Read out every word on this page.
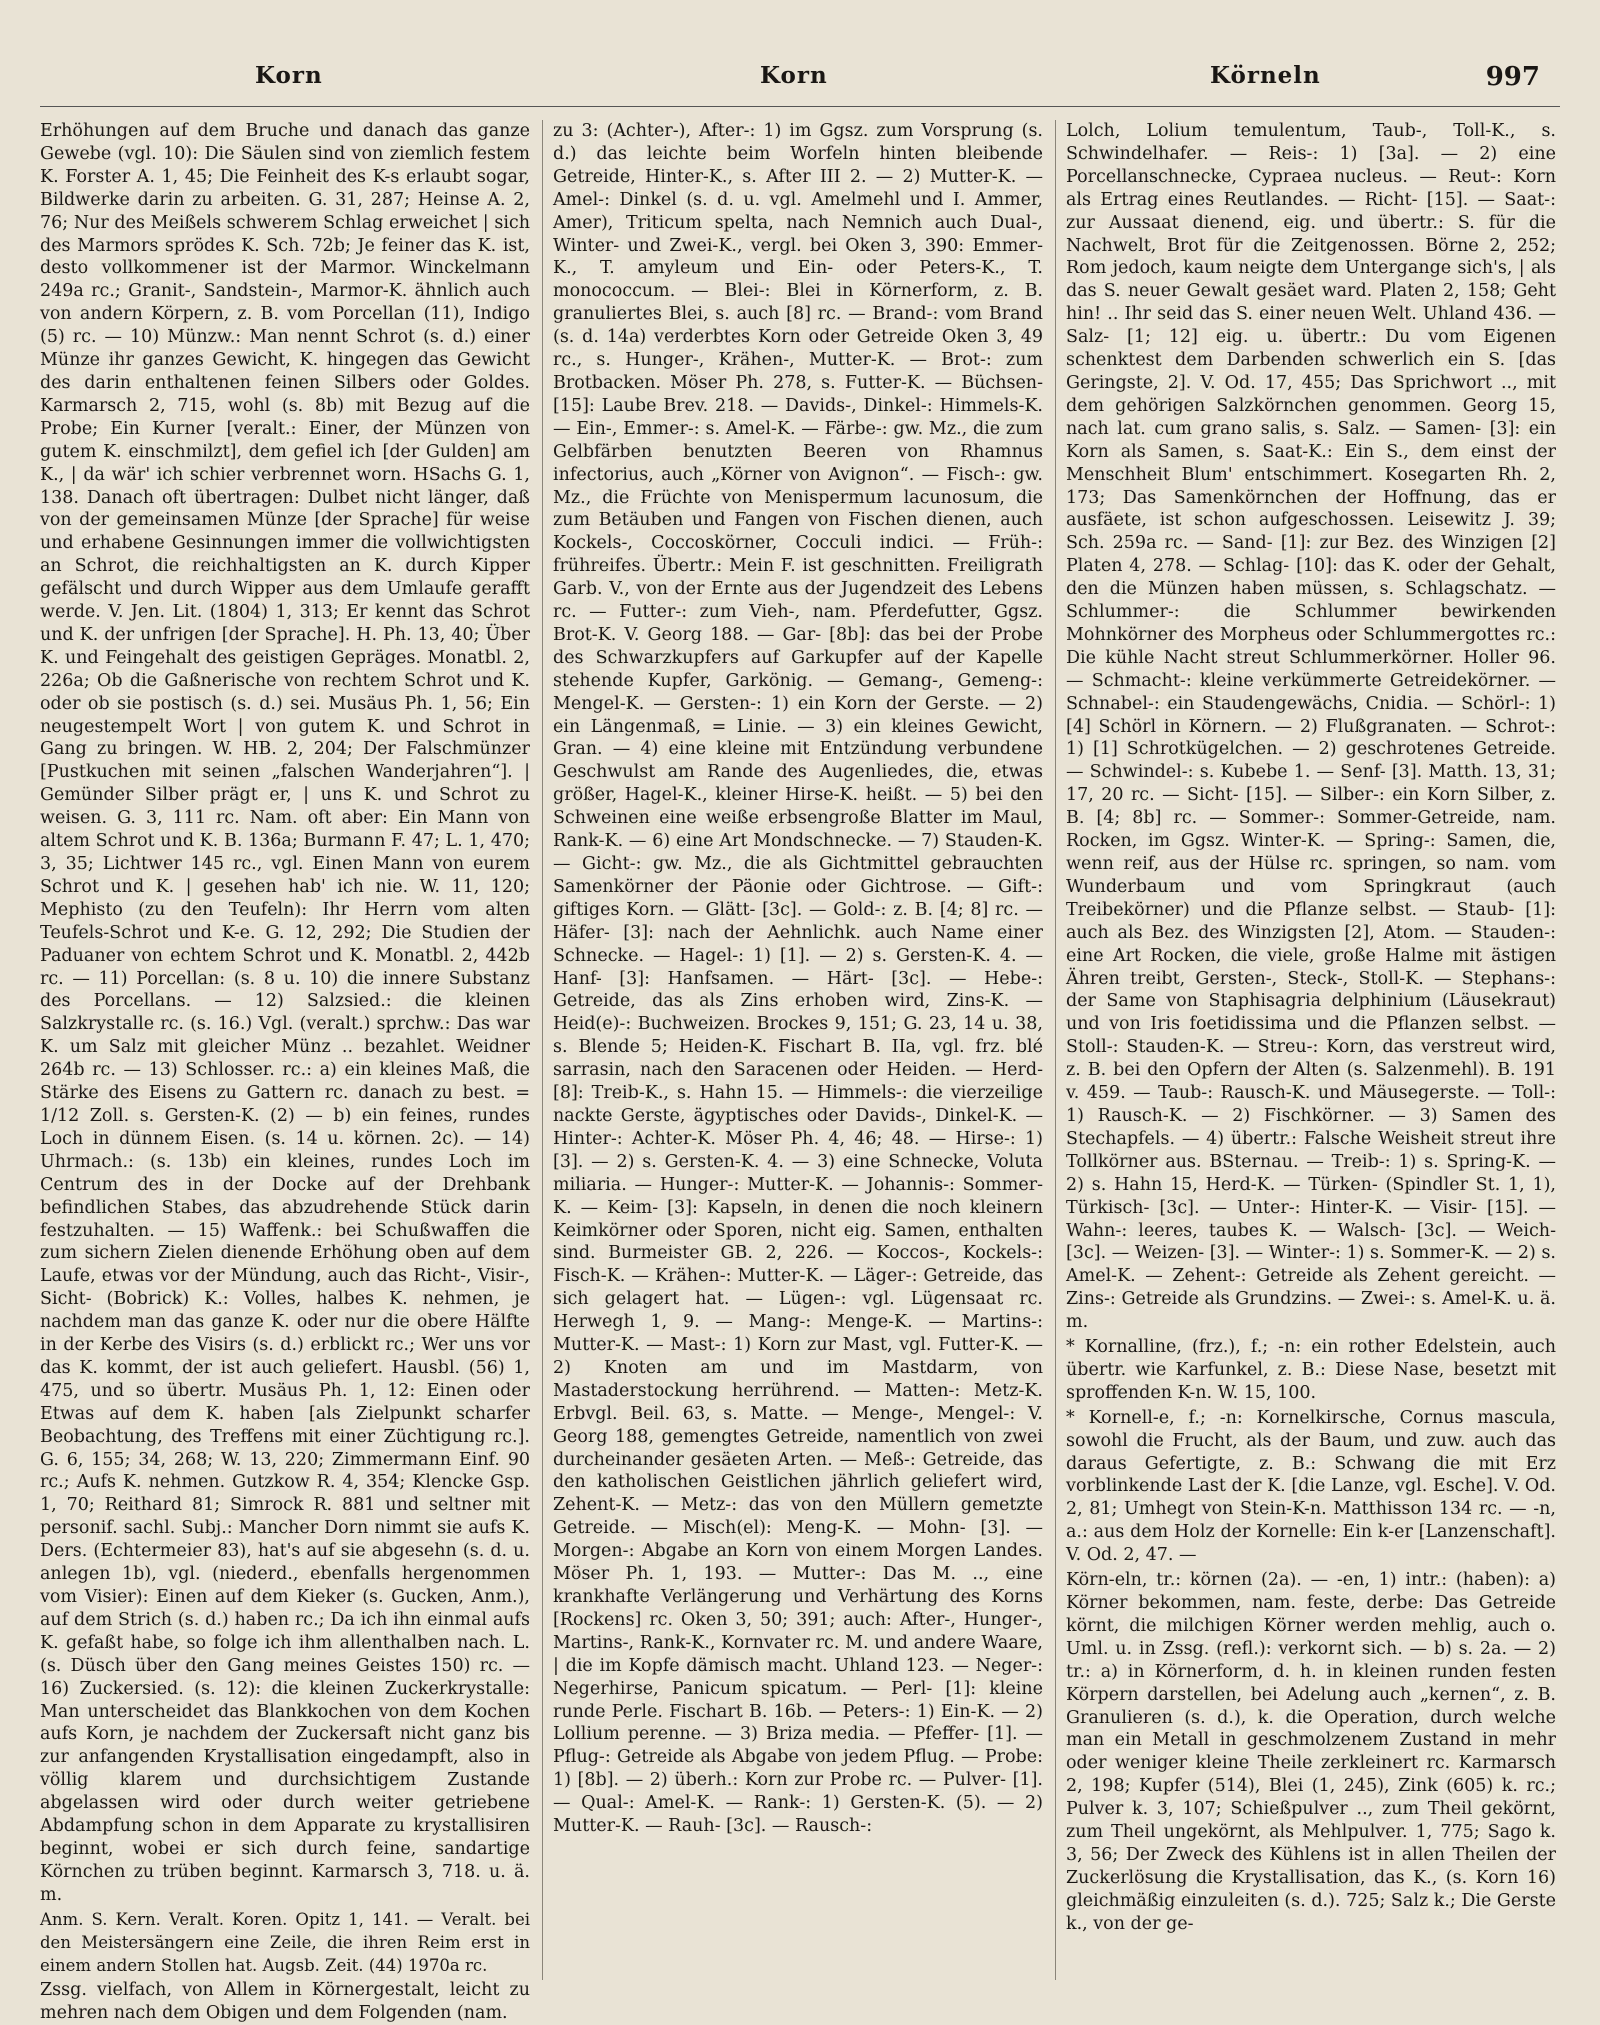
Korn	Korn	Körneln	997

Erhöhungen auf dem Bruche und danach das ganze Gewebe (vgl. 10): Die Säulen sind von ziemlich festem K. Forster A. 1, 45; Die Feinheit des K-s erlaubt sogar, Bildwerke darin zu arbeiten. G. 31, 287; Heinse A. 2, 76; Nur des Meißels schwerem Schlag erweichet | sich des Marmors sprödes K. Sch. 72b; Je feiner das K. ist, desto vollkommener ist der Marmor. Winckelmann 249a rc.; Granit-, Sandstein-, Marmor-K. ähnlich auch von andern Körpern, z. B. vom Porcellan (11), Indigo (5) rc. — 10) Münzw.: Man nennt Schrot (s. d.) einer Münze ihr ganzes Gewicht, K. hingegen das Gewicht des darin enthaltenen feinen Silbers oder Goldes. Karmarsch 2, 715, wohl (s. 8b) mit Bezug auf die Probe; Ein Kurner [veralt.: Einer, der Münzen von gutem K. einschmilzt], dem gefiel ich [der Gulden] am K., | da wär' ich schier verbrennet worn. HSachs G. 1, 138. Danach oft übertragen: Dulbet nicht länger, daß von der gemeinsamen Münze [der Sprache] für weise und erhabene Gesinnungen immer die vollwichtigsten an Schrot, die reichhaltigsten an K. durch Kipper gefälscht und durch Wipper aus dem Umlaufe gerafft werde. V. Jen. Lit. (1804) 1, 313; Er kennt das Schrot und K. der unfrigen [der Sprache]. H. Ph. 13, 40; Über K. und Feingehalt des geistigen Gepräges. Monatbl. 2, 226a; Ob die Gaßnerische von rechtem Schrot und K. oder ob sie postisch (s. d.) sei. Musäus Ph. 1, 56; Ein neugestempelt Wort | von gutem K. und Schrot in Gang zu bringen. W. HB. 2, 204; Der Falschmünzer [Pustkuchen mit seinen „falschen Wanderjahren“]. | Gemünder Silber prägt er, | uns K. und Schrot zu weisen. G. 3, 111 rc. Nam. oft aber: Ein Mann von altem Schrot und K. B. 136a; Burmann F. 47; L. 1, 470; 3, 35; Lichtwer 145 rc., vgl. Einen Mann von eurem Schrot und K. | gesehen hab' ich nie. W. 11, 120; Mephisto (zu den Teufeln): Ihr Herrn vom alten Teufels-Schrot und K-e. G. 12, 292; Die Studien der Paduaner von echtem Schrot und K. Monatbl. 2, 442b rc. — 11) Porcellan: (s. 8 u. 10) die innere Substanz des Porcellans. — 12) Salzsied.: die kleinen Salzkrystalle rc. (s. 16.) Vgl. (veralt.) sprchw.: Das war K. um Salz mit gleicher Münz .. bezahlet. Weidner 264b rc. — 13) Schlosser. rc.: a) ein kleines Maß, die Stärke des Eisens zu Gattern rc. danach zu best. = 1/12 Zoll. s. Gersten-K. (2) — b) ein feines, rundes Loch in dünnem Eisen. (s. 14 u. körnen. 2c). — 14) Uhrmach.: (s. 13b) ein kleines, rundes Loch im Centrum des in der Docke auf der Drehbank befindlichen Stabes, das abzudrehende Stück darin festzuhalten. — 15) Waffenk.: bei Schußwaffen die zum sichern Zielen dienende Erhöhung oben auf dem Laufe, etwas vor der Mündung, auch das Richt-, Visir-, Sicht- (Bobrick) K.: Volles, halbes K. nehmen, je nachdem man das ganze K. oder nur die obere Hälfte in der Kerbe des Visirs (s. d.) erblickt rc.; Wer uns vor das K. kommt, der ist auch geliefert. Hausbl. (56) 1, 475, und so übertr. Musäus Ph. 1, 12: Einen oder Etwas auf dem K. haben [als Zielpunkt scharfer Beobachtung, des Treffens mit einer Züchtigung rc.]. G. 6, 155; 34, 268; W. 13, 220; Zimmermann Einf. 90 rc.; Aufs K. nehmen. Gutzkow R. 4, 354; Klencke Gsp. 1, 70; Reithard 81; Simrock R. 881 und seltner mit personif. sachl. Subj.: Mancher Dorn nimmt sie aufs K. Ders. (Echtermeier 83), hat's auf sie abgesehn (s. d. u. anlegen 1b), vgl. (niederd., ebenfalls hergenommen vom Visier): Einen auf dem Kieker (s. Gucken, Anm.), auf dem Strich (s. d.) haben rc.; Da ich ihn einmal aufs K. gefaßt habe, so folge ich ihm allenthalben nach. L. (s. Düsch über den Gang meines Geistes 150) rc. — 16) Zuckersied. (s. 12): die kleinen Zuckerkrystalle: Man unterscheidet das Blankkochen von dem Kochen aufs Korn, je nachdem der Zuckersaft nicht ganz bis zur anfangenden Krystallisation eingedampft, also in völlig klarem und durchsichtigem Zustande abgelassen wird oder durch weiter getriebene Abdampfung schon in dem Apparate zu krystallisiren beginnt, wobei er sich durch feine, sandartige Körnchen zu trüben beginnt. Karmarsch 3, 718. u. ä. m.

Anm. S. Kern. Veralt. Koren. Opitz 1, 141. — Veralt. bei den Meistersängern eine Zeile, die ihren Reim erst in einem andern Stollen hat. Augsb. Zeit. (44) 1970a rc.

Zssg. vielfach, von Allem in Körnergestalt, leicht zu mehren nach dem Obigen und dem Folgenden (nam.

zu 3: (Achter-), After-: 1) im Ggsz. zum Vorsprung (s. d.) das leichte beim Worfeln hinten bleibende Getreide, Hinter-K., s. After III 2. — 2) Mutter-K. — Amel-: Dinkel (s. d. u. vgl. Amelmehl und I. Ammer, Amer), Triticum spelta, nach Nemnich auch Dual-, Winter- und Zwei-K., vergl. bei Oken 3, 390: Emmer-K., T. amyleum und Ein- oder Peters-K., T. monococcum. — Blei-: Blei in Körnerform, z. B. granuliertes Blei, s. auch [8] rc. — Brand-: vom Brand (s. d. 14a) verderbtes Korn oder Getreide Oken 3, 49 rc., s. Hunger-, Krähen-, Mutter-K. — Brot-: zum Brotbacken. Möser Ph. 278, s. Futter-K. — Büchsen- [15]: Laube Brev. 218. — Davids-, Dinkel-: Himmels-K. — Ein-, Emmer-: s. Amel-K. — Färbe-: gw. Mz., die zum Gelbfärben benutzten Beeren von Rhamnus infectorius, auch „Körner von Avignon“. — Fisch-: gw. Mz., die Früchte von Menispermum lacunosum, die zum Betäuben und Fangen von Fischen dienen, auch Kockels-, Coccoskörner, Cocculi indici. — Früh-: frühreifes. Übertr.: Mein F. ist geschnitten. Freiligrath Garb. V., von der Ernte aus der Jugendzeit des Lebens rc. — Futter-: zum Vieh-, nam. Pferdefutter, Ggsz. Brot-K. V. Georg 188. — Gar- [8b]: das bei der Probe des Schwarzkupfers auf Garkupfer auf der Kapelle stehende Kupfer, Garkönig. — Gemang-, Gemeng-: Mengel-K. — Gersten-: 1) ein Korn der Gerste. — 2) ein Längenmaß, = Linie. — 3) ein kleines Gewicht, Gran. — 4) eine kleine mit Entzündung verbundene Geschwulst am Rande des Augenliedes, die, etwas größer, Hagel-K., kleiner Hirse-K. heißt. — 5) bei den Schweinen eine weiße erbsengroße Blatter im Maul, Rank-K. — 6) eine Art Mondschnecke. — 7) Stauden-K. — Gicht-: gw. Mz., die als Gichtmittel gebrauchten Samenkörner der Päonie oder Gichtrose. — Gift-: giftiges Korn. — Glätt- [3c]. — Gold-: z. B. [4; 8] rc. — Häfer- [3]: nach der Aehnlichk. auch Name einer Schnecke. — Hagel-: 1) [1]. — 2) s. Gersten-K. 4. — Hanf- [3]: Hanfsamen. — Härt- [3c]. — Hebe-: Getreide, das als Zins erhoben wird, Zins-K. — Heid(e)-: Buchweizen. Brockes 9, 151; G. 23, 14 u. 38, s. Blende 5; Heiden-K. Fischart B. IIa, vgl. frz. blé sarrasin, nach den Saracenen oder Heiden. — Herd- [8]: Treib-K., s. Hahn 15. — Himmels-: die vierzeilige nackte Gerste, ägyptisches oder Davids-, Dinkel-K. — Hinter-: Achter-K. Möser Ph. 4, 46; 48. — Hirse-: 1) [3]. — 2) s. Gersten-K. 4. — 3) eine Schnecke, Voluta miliaria. — Hunger-: Mutter-K. — Johannis-: Sommer-K. — Keim- [3]: Kapseln, in denen die noch kleinern Keimkörner oder Sporen, nicht eig. Samen, enthalten sind. Burmeister GB. 2, 226. — Koccos-, Kockels-: Fisch-K. — Krähen-: Mutter-K. — Läger-: Getreide, das sich gelagert hat. — Lügen-: vgl. Lügensaat rc. Herwegh 1, 9. — Mang-: Menge-K. — Martins-: Mutter-K. — Mast-: 1) Korn zur Mast, vgl. Futter-K. — 2) Knoten am und im Mastdarm, von Mastaderstockung herrührend. — Matten-: Metz-K. Erbvgl. Beil. 63, s. Matte. — Menge-, Mengel-: V. Georg 188, gemengtes Getreide, namentlich von zwei durcheinander gesäeten Arten. — Meß-: Getreide, das den katholischen Geistlichen jährlich geliefert wird, Zehent-K. — Metz-: das von den Müllern gemetzte Getreide. — Misch(el): Meng-K. — Mohn- [3]. — Morgen-: Abgabe an Korn von einem Morgen Landes. Möser Ph. 1, 193. — Mutter-: Das M. .., eine krankhafte Verlängerung und Verhärtung des Korns [Rockens] rc. Oken 3, 50; 391; auch: After-, Hunger-, Martins-, Rank-K., Kornvater rc. M. und andere Waare, | die im Kopfe dämisch macht. Uhland 123. — Neger-: Negerhirse, Panicum spicatum. — Perl- [1]: kleine runde Perle. Fischart B. 16b. — Peters-: 1) Ein-K. — 2) Lollium perenne. — 3) Briza media. — Pfeffer- [1]. — Pflug-: Getreide als Abgabe von jedem Pflug. — Probe: 1) [8b]. — 2) überh.: Korn zur Probe rc. — Pulver- [1]. — Qual-: Amel-K. — Rank-: 1) Gersten-K. (5). — 2) Mutter-K. — Rauh- [3c]. — Rausch-:

Lolch, Lolium temulentum, Taub-, Toll-K., s. Schwindelhafer. — Reis-: 1) [3a]. — 2) eine Porcellanschnecke, Cypraea nucleus. — Reut-: Korn als Ertrag eines Reutlandes. — Richt- [15]. — Saat-: zur Aussaat dienend, eig. und übertr.: S. für die Nachwelt, Brot für die Zeitgenossen. Börne 2, 252; Rom jedoch, kaum neigte dem Untergange sich's, | als das S. neuer Gewalt gesäet ward. Platen 2, 158; Geht hin! .. Ihr seid das S. einer neuen Welt. Uhland 436. — Salz- [1; 12] eig. u. übertr.: Du vom Eigenen schenktest dem Darbenden schwerlich ein S. [das Geringste, 2]. V. Od. 17, 455; Das Sprichwort .., mit dem gehörigen Salzkörnchen genommen. Georg 15, nach lat. cum grano salis, s. Salz. — Samen- [3]: ein Korn als Samen, s. Saat-K.: Ein S., dem einst der Menschheit Blum' entschimmert. Kosegarten Rh. 2, 173; Das Samenkörnchen der Hoffnung, das er ausfäete, ist schon aufgeschossen. Leisewitz J. 39; Sch. 259a rc. — Sand- [1]: zur Bez. des Winzigen [2] Platen 4, 278. — Schlag- [10]: das K. oder der Gehalt, den die Münzen haben müssen, s. Schlagschatz. — Schlummer-: die Schlummer bewirkenden Mohnkörner des Morpheus oder Schlummergottes rc.: Die kühle Nacht streut Schlummerkörner. Holler 96. — Schmacht-: kleine verkümmerte Getreidekörner. — Schnabel-: ein Staudengewächs, Cnidia. — Schörl-: 1) [4] Schörl in Körnern. — 2) Flußgranaten. — Schrot-: 1) [1] Schrotkügelchen. — 2) geschrotenes Getreide. — Schwindel-: s. Kubebe 1. — Senf- [3]. Matth. 13, 31; 17, 20 rc. — Sicht- [15]. — Silber-: ein Korn Silber, z. B. [4; 8b] rc. — Sommer-: Sommer-Getreide, nam. Rocken, im Ggsz. Winter-K. — Spring-: Samen, die, wenn reif, aus der Hülse rc. springen, so nam. vom Wunderbaum und vom Springkraut (auch Treibekörner) und die Pflanze selbst. — Staub- [1]: auch als Bez. des Winzigsten [2], Atom. — Stauden-: eine Art Rocken, die viele, große Halme mit ästigen Ähren treibt, Gersten-, Steck-, Stoll-K. — Stephans-: der Same von Staphisagria delphinium (Läusekraut) und von Iris foetidissima und die Pflanzen selbst. — Stoll-: Stauden-K. — Streu-: Korn, das verstreut wird, z. B. bei den Opfern der Alten (s. Salzenmehl). B. 191 v. 459. — Taub-: Rausch-K. und Mäusegerste. — Toll-: 1) Rausch-K. — 2) Fischkörner. — 3) Samen des Stechapfels. — 4) übertr.: Falsche Weisheit streut ihre Tollkörner aus. BSternau. — Treib-: 1) s. Spring-K. — 2) s. Hahn 15, Herd-K. — Türken- (Spindler St. 1, 1), Türkisch- [3c]. — Unter-: Hinter-K. — Visir- [15]. — Wahn-: leeres, taubes K. — Walsch- [3c]. — Weich- [3c]. — Weizen- [3]. — Winter-: 1) s. Sommer-K. — 2) s. Amel-K. — Zehent-: Getreide als Zehent gereicht. — Zins-: Getreide als Grundzins. — Zwei-: s. Amel-K. u. ä. m.

* Kornalline, (frz.), f.; -n: ein rother Edelstein, auch übertr. wie Karfunkel, z. B.: Diese Nase, besetzt mit sproffenden K-n. W. 15, 100.

* Kornell-e, f.; -n: Kornelkirsche, Cornus mascula, sowohl die Frucht, als der Baum, und zuw. auch das daraus Gefertigte, z. B.: Schwang die mit Erz vorblinkende Last der K. [die Lanze, vgl. Esche]. V. Od. 2, 81; Umhegt von Stein-K-n. Matthisson 134 rc. — -n, a.: aus dem Holz der Kornelle: Ein k-er [Lanzenschaft]. V. Od. 2, 47. —

Körn-eln, tr.: körnen (2a). — -en, 1) intr.: (haben): a) Körner bekommen, nam. feste, derbe: Das Getreide körnt, die milchigen Körner werden mehlig, auch o. Uml. u. in Zssg. (refl.): verkornt sich. — b) s. 2a. — 2) tr.: a) in Körnerform, d. h. in kleinen runden festen Körpern darstellen, bei Adelung auch „kernen“, z. B. Granulieren (s. d.), k. die Operation, durch welche man ein Metall in geschmolzenem Zustand in mehr oder weniger kleine Theile zerkleinert rc. Karmarsch 2, 198; Kupfer (514), Blei (1, 245), Zink (605) k. rc.; Pulver k. 3, 107; Schießpulver .., zum Theil gekörnt, zum Theil ungekörnt, als Mehlpulver. 1, 775; Sago k. 3, 56; Der Zweck des Kühlens ist in allen Theilen der Zuckerlösung die Krystallisation, das K., (s. Korn 16) gleichmäßig einzuleiten (s. d.). 725; Salz k.; Die Gerste k., von der ge-
